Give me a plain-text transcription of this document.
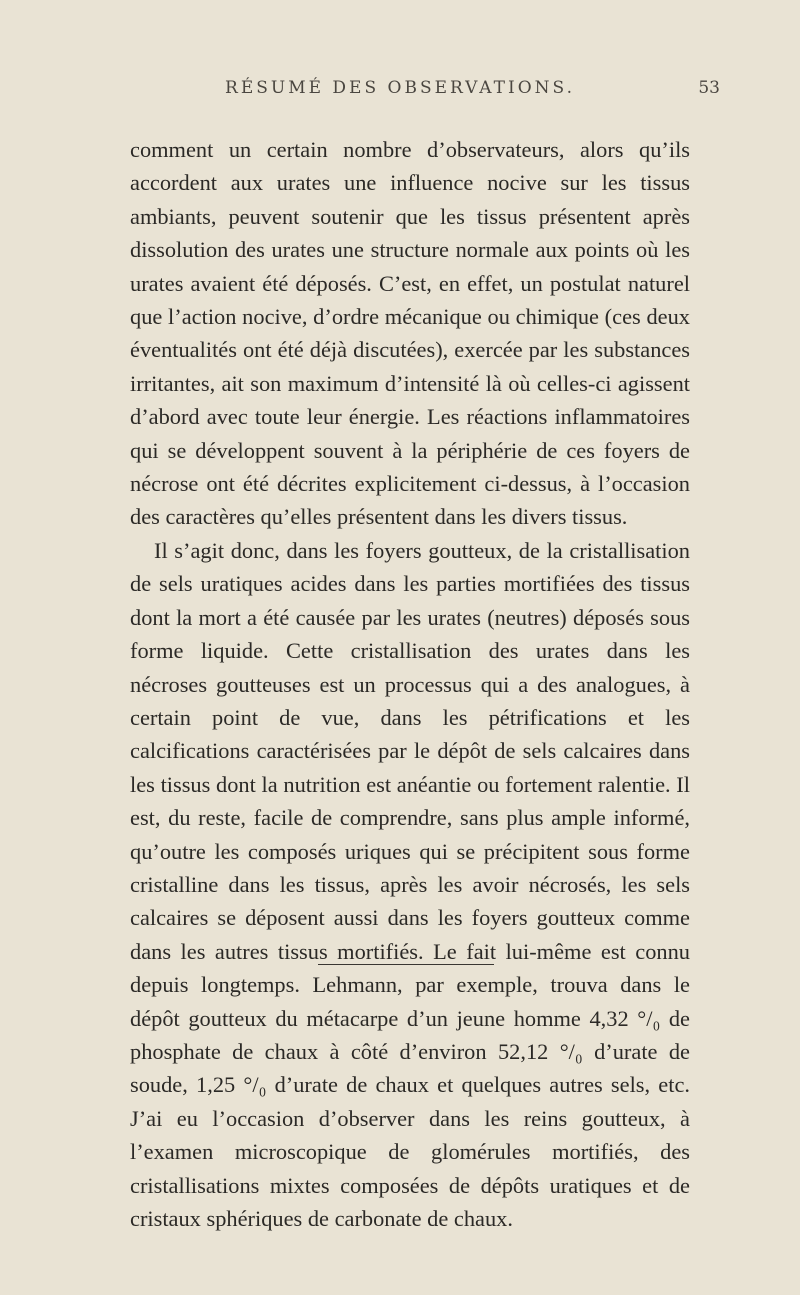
RÉSUMÉ DES OBSERVATIONS.	53

comment un certain nombre d’observateurs, alors qu’ils accordent aux urates une influence nocive sur les tissus ambiants, peuvent soutenir que les tissus présentent après dissolution des urates une structure normale aux points où les urates avaient été déposés. C’est, en effet, un postulat naturel que l’action nocive, d’ordre mécanique ou chimique (ces deux éventualités ont été déjà discutées), exercée par les substances irritantes, ait son maximum d’intensité là où celles-ci agissent d’abord avec toute leur énergie. Les réactions inflammatoires qui se développent souvent à la périphérie de ces foyers de nécrose ont été décrites explicitement ci-dessus, à l’occasion des caractères qu’elles présentent dans les divers tissus.

Il s’agit donc, dans les foyers goutteux, de la cristallisation de sels uratiques acides dans les parties mortifiées des tissus dont la mort a été causée par les urates (neutres) déposés sous forme liquide. Cette cristallisation des urates dans les nécroses goutteuses est un processus qui a des analogues, à certain point de vue, dans les pétrifications et les calcifications caractérisées par le dépôt de sels calcaires dans les tissus dont la nutrition est anéantie ou fortement ralentie. Il est, du reste, facile de comprendre, sans plus ample informé, qu’outre les composés uriques qui se précipitent sous forme cristalline dans les tissus, après les avoir nécrosés, les sels calcaires se déposent aussi dans les foyers goutteux comme dans les autres tissus mortifiés. Le fait lui-même est connu depuis longtemps. Lehmann, par exemple, trouva dans le dépôt goutteux du métacarpe d’un jeune homme 4,32 °/₀ de phosphate de chaux à côté d’environ 52,12 °/₀ d’urate de soude, 1,25 °/₀ d’urate de chaux et quelques autres sels, etc. J’ai eu l’occasion d’observer dans les reins goutteux, à l’examen microscopique de glomérules mortifiés, des cristallisations mixtes composées de dépôts uratiques et de cristaux sphériques de carbonate de chaux.
